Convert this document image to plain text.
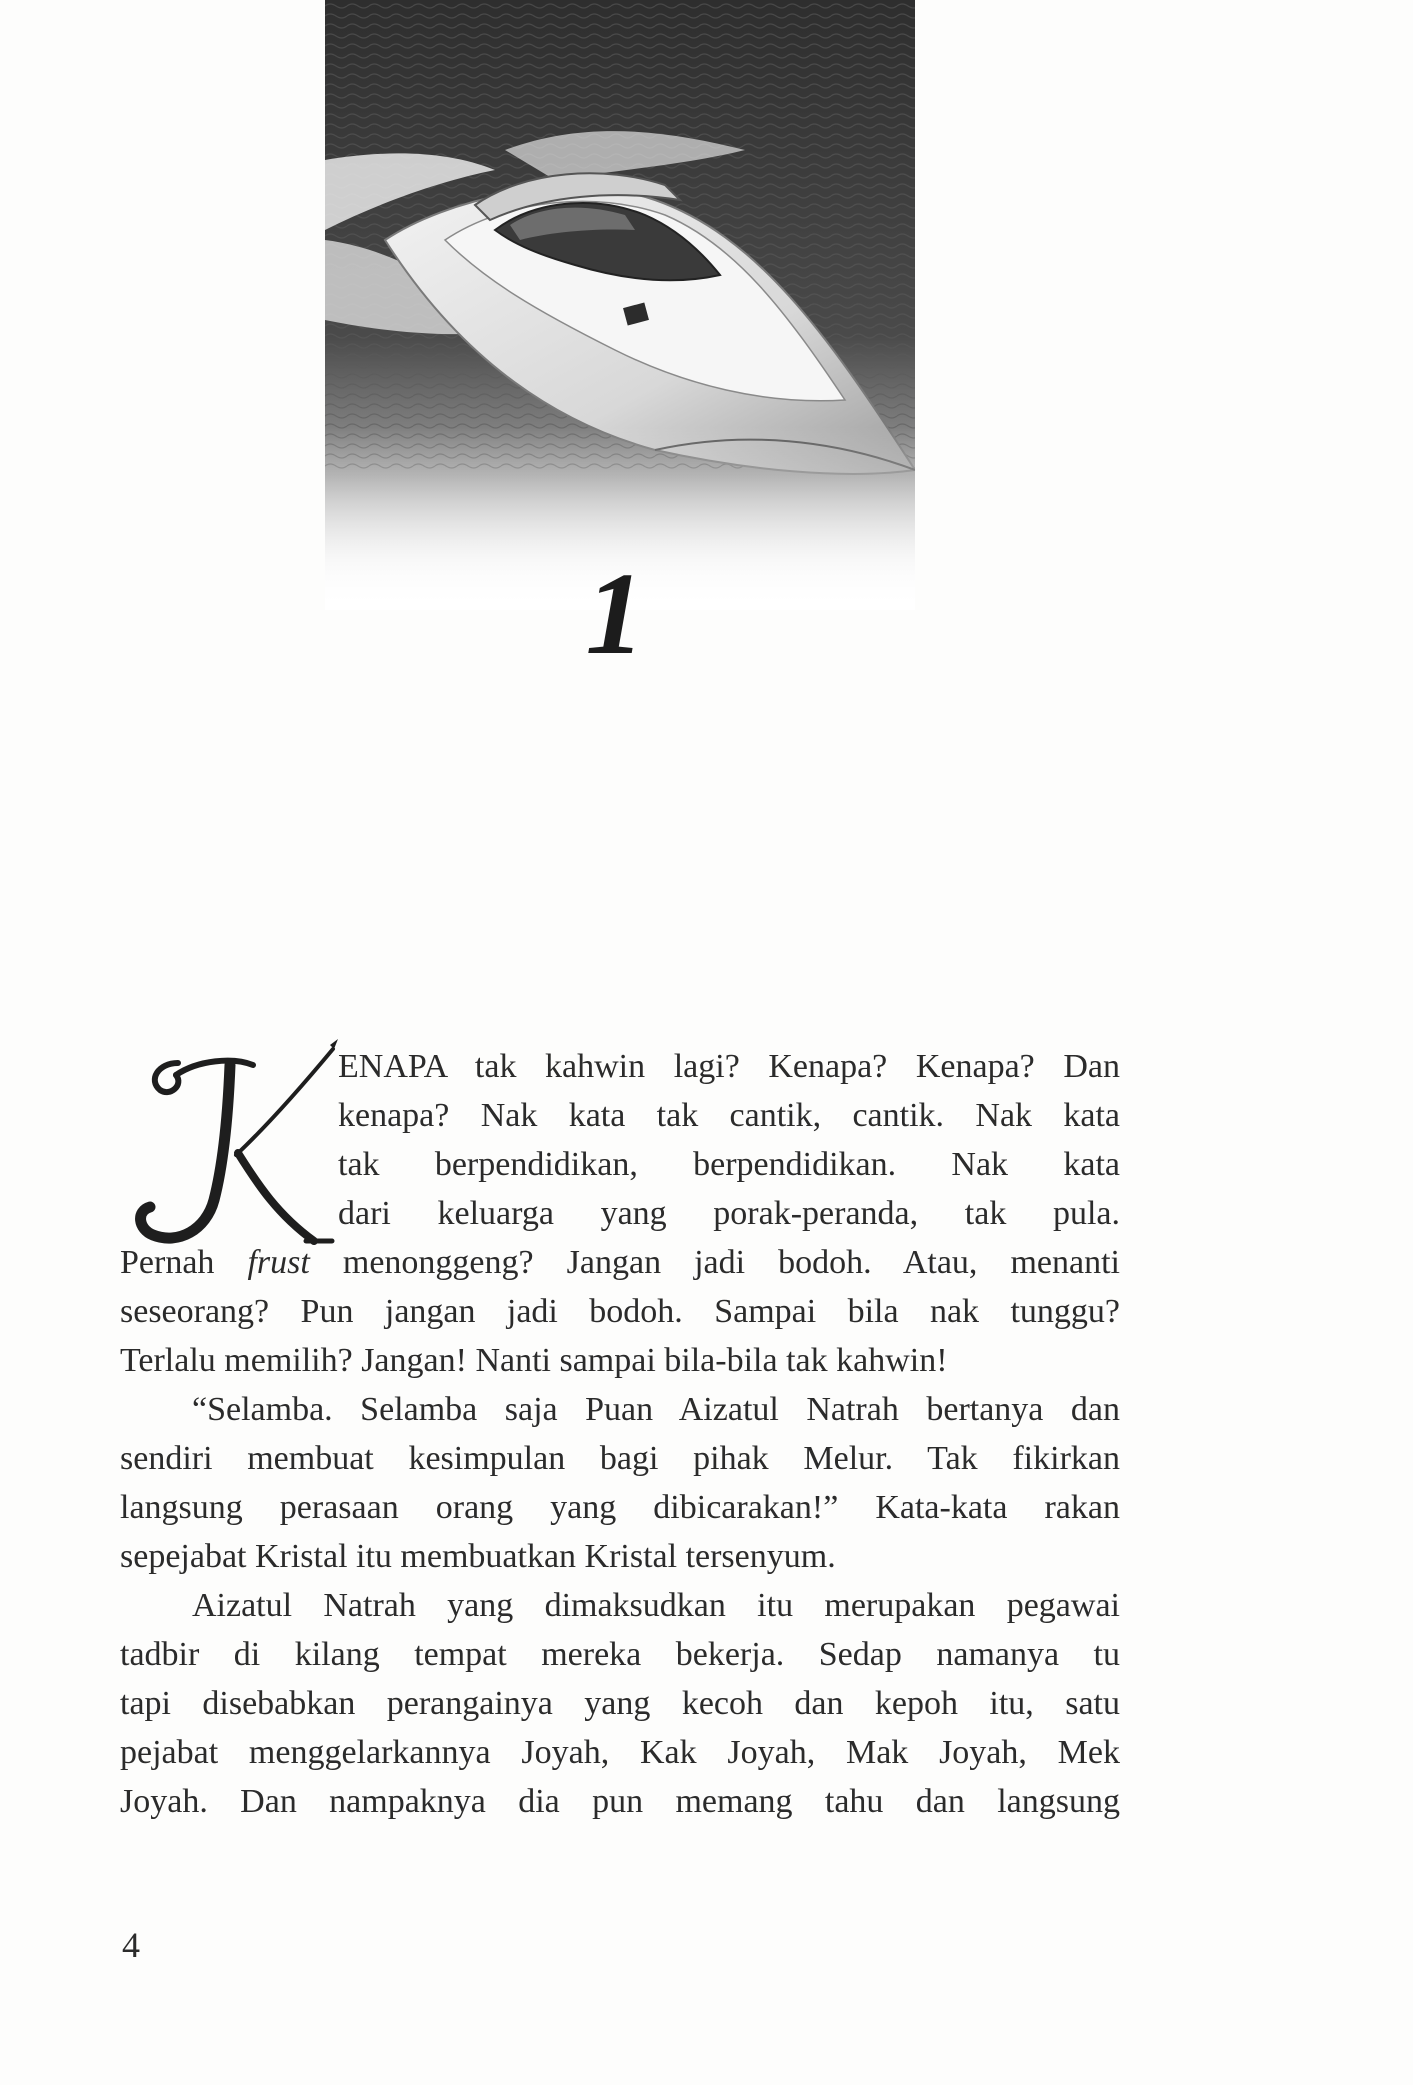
1
ENAPA tak kahwin lagi? Kenapa? Kenapa? Dan
kenapa? Nak kata tak cantik, cantik. Nak kata
tak berpendidikan, berpendidikan. Nak kata
dari keluarga yang porak-peranda, tak pula.
Pernah frust menonggeng? Jangan jadi bodoh. Atau, menanti
seseorang? Pun jangan jadi bodoh. Sampai bila nak tunggu?
Terlalu memilih? Jangan! Nanti sampai bila-bila tak kahwin!
“Selamba. Selamba saja Puan Aizatul Natrah bertanya dan
sendiri membuat kesimpulan bagi pihak Melur. Tak fikirkan
langsung perasaan orang yang dibicarakan!” Kata-kata rakan
sepejabat Kristal itu membuatkan Kristal tersenyum.
Aizatul Natrah yang dimaksudkan itu merupakan pegawai
tadbir di kilang tempat mereka bekerja. Sedap namanya tu
tapi disebabkan perangainya yang kecoh dan kepoh itu, satu
pejabat menggelarkannya Joyah, Kak Joyah, Mak Joyah, Mek
Joyah. Dan nampaknya dia pun memang tahu dan langsung
4
